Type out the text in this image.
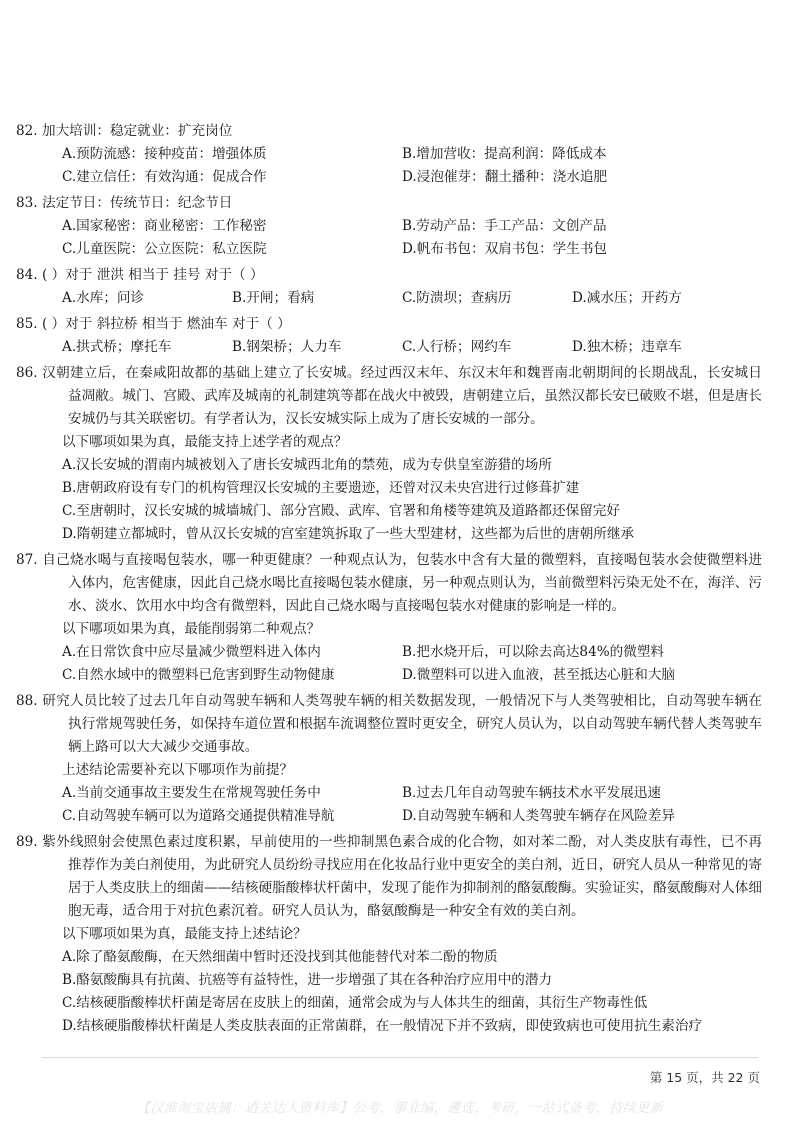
82. 加大培训：稳定就业：扩充岗位
A.预防流感：接种疫苗：增强体质	B.增加营收：提高利润：降低成本
C.建立信任：有效沟通：促成合作	D.浸泡催芽：翻土播种：浇水追肥
83. 法定节日：传统节日：纪念节日
A.国家秘密：商业秘密：工作秘密	B.劳动产品：手工产品：文创产品
C.儿童医院：公立医院：私立医院	D.帆布书包：双肩书包：学生书包
84. ( ）对于 泄洪 相当于 挂号 对于（ ）
A.水库；问诊	B.开闸；看病	C.防溃坝；查病历	D.减水压；开药方
85. ( ）对于 斜拉桥 相当于 燃油车 对于（ ）
A.拱式桥；摩托车	B.钢架桥；人力车	C.人行桥；网约车	D.独木桥；违章车
86. 汉朝建立后，在秦咸阳故都的基础上建立了长安城。经过西汉末年、东汉末年和魏晋南北朝期间的长期战乱，长安城日益凋敝。城门、宫殿、武库及城南的礼制建筑等都在战火中被毁，唐朝建立后，虽然汉都长安已破败不堪，但是唐长安城仍与其关联密切。有学者认为，汉长安城实际上成为了唐长安城的一部分。
以下哪项如果为真，最能支持上述学者的观点？
A.汉长安城的渭南内城被划入了唐长安城西北角的禁苑，成为专供皇室游猎的场所
B.唐朝政府设有专门的机构管理汉长安城的主要遗迹，还曾对汉未央宫进行过修葺扩建
C.至唐朝时，汉长安城的城墙城门、部分宫殿、武库、官署和角楼等建筑及道路都还保留完好
D.隋朝建立都城时，曾从汉长安城的宫室建筑拆取了一些大型建材，这些都为后世的唐朝所继承
87. 自己烧水喝与直接喝包装水，哪一种更健康？一种观点认为，包装水中含有大量的微塑料，直接喝包装水会使微塑料进入体内，危害健康，因此自己烧水喝比直接喝包装水健康，另一种观点则认为，当前微塑料污染无处不在，海洋、污水、淡水、饮用水中均含有微塑料，因此自己烧水喝与直接喝包装水对健康的影响是一样的。
以下哪项如果为真，最能削弱第二种观点？
A.在日常饮食中应尽量减少微塑料进入体内	B.把水烧开后，可以除去高达84%的微塑料
C.自然水域中的微塑料已危害到野生动物健康	D.微塑料可以进入血液，甚至抵达心脏和大脑
88. 研究人员比较了过去几年自动驾驶车辆和人类驾驶车辆的相关数据发现，一般情况下与人类驾驶相比，自动驾驶车辆在执行常规驾驶任务，如保持车道位置和根据车流调整位置时更安全，研究人员认为，以自动驾驶车辆代替人类驾驶车辆上路可以大大减少交通事故。
上述结论需要补充以下哪项作为前提？
A.当前交通事故主要发生在常规驾驶任务中	B.过去几年自动驾驶车辆技术水平发展迅速
C.自动驾驶车辆可以为道路交通提供精准导航	D.自动驾驶车辆和人类驾驶车辆存在风险差异
89. 紫外线照射会使黑色素过度积累，早前使用的一些抑制黑色素合成的化合物，如对苯二酚，对人类皮肤有毒性，已不再推荐作为美白剂使用，为此研究人员纷纷寻找应用在化妆品行业中更安全的美白剂，近日，研究人员从一种常见的寄居于人类皮肤上的细菌——结核硬脂酸棒状杆菌中，发现了能作为抑制剂的酪氨酸酶。实验证实，酪氨酸酶对人体细胞无毒，适合用于对抗色素沉着。研究人员认为，酪氨酸酶是一种安全有效的美白剂。
以下哪项如果为真，最能支持上述结论？
A.除了酪氨酸酶，在天然细菌中暂时还没找到其他能替代对苯二酚的物质
B.酪氨酸酶具有抗菌、抗癌等有益特性，进一步增强了其在各种治疗应用中的潜力
C.结核硬脂酸棒状杆菌是寄居在皮肤上的细菌，通常会成为与人体共生的细菌，其衍生产物毒性低
D.结核硬脂酸棒状杆菌是人类皮肤表面的正常菌群，在一般情况下并不致病，即使致病也可使用抗生素治疗
第 15 页，共 22 页
【汉淮淘宝店铺：逍关达人资料库】公考，事业编，遴选，考研，一站式备考，持续更新
